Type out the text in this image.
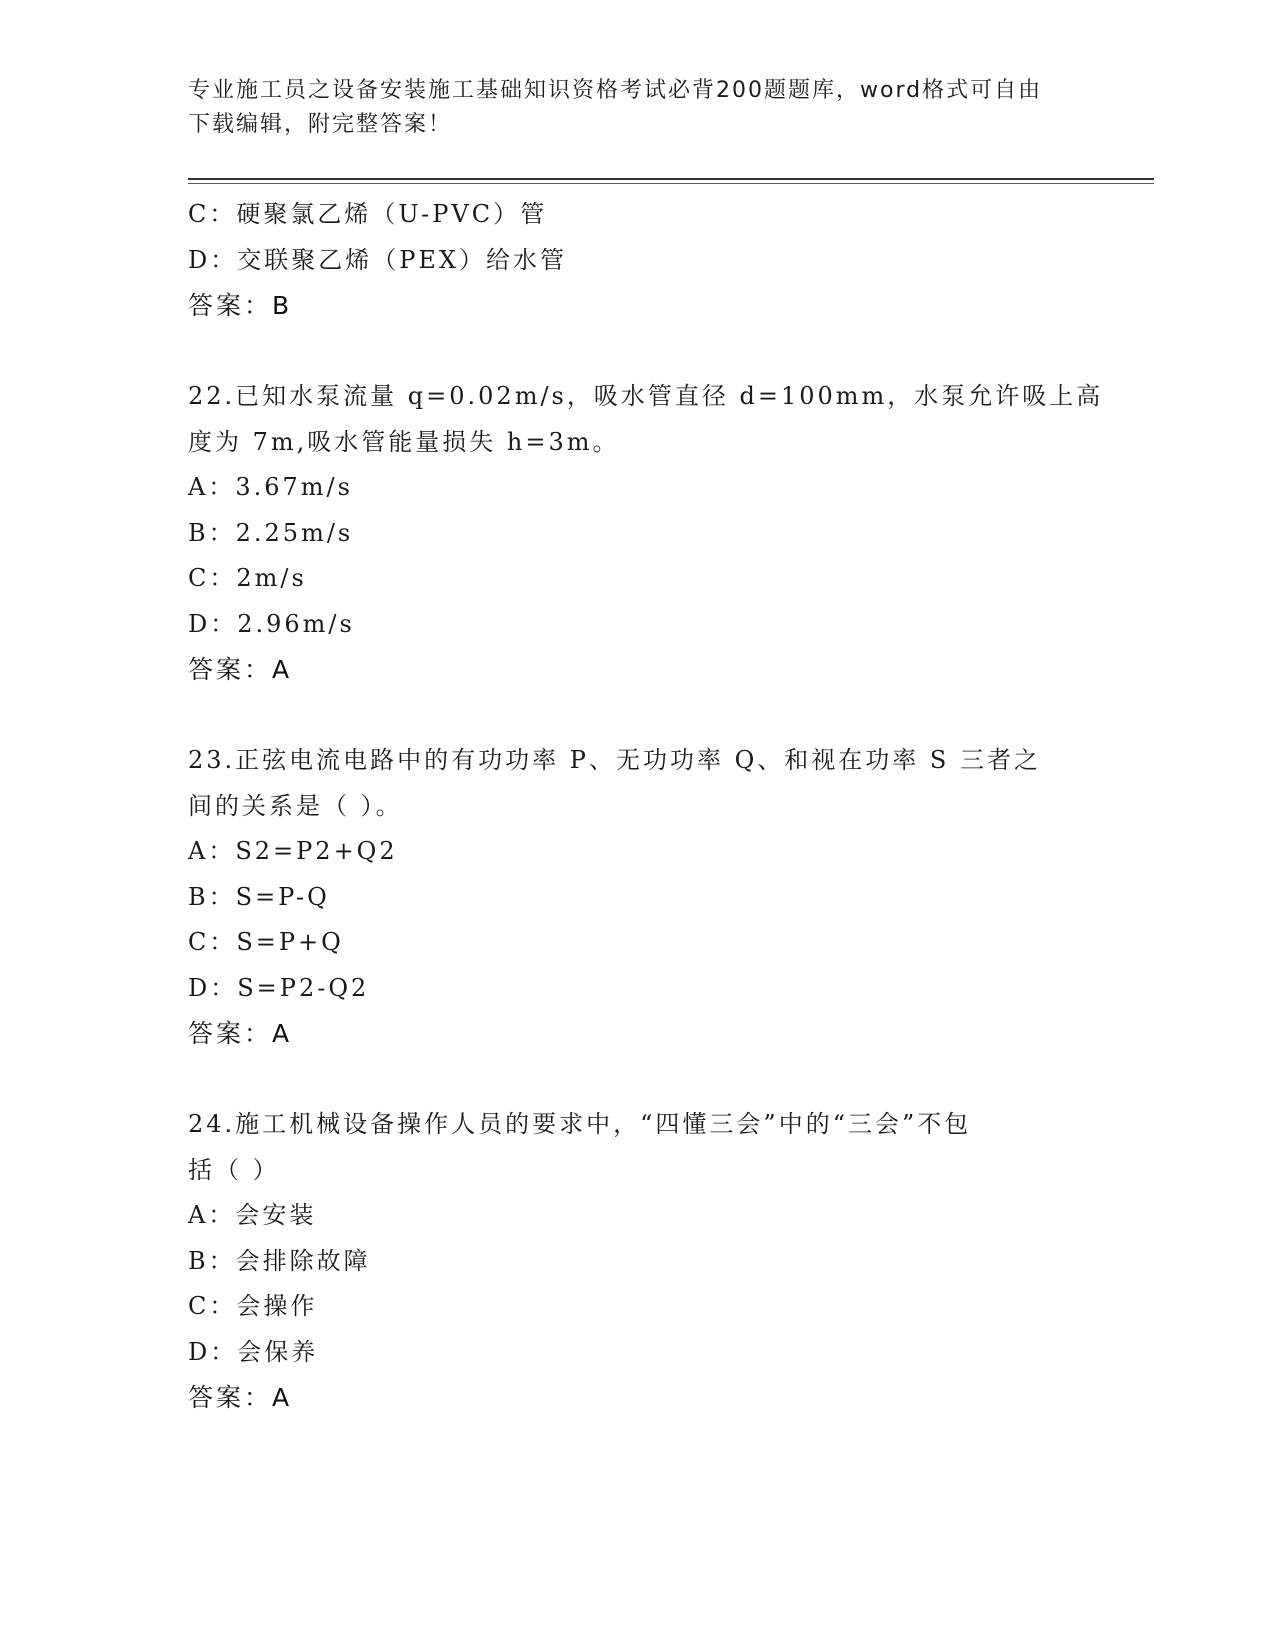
专业施工员之设备安装施工基础知识资格考试必背200题题库，word格式可自由
下载编辑，附完整答案！
C：硬聚氯乙烯（U-PVC）管
D：交联聚乙烯（PEX）给水管
答案：B
22.已知水泵流量 q=0.02m/s，吸水管直径 d=100mm，水泵允许吸上高
度为 7m,吸水管能量损失 h=3m。
A：3.67m/s
B：2.25m/s
C：2m/s
D：2.96m/s
答案：A
23.正弦电流电路中的有功功率 P、无功功率 Q、和视在功率 S 三者之
间的关系是（ ）。
A：S2=P2+Q2
B：S=P-Q
C：S=P+Q
D：S=P2-Q2
答案：A
24.施工机械设备操作人员的要求中，“四懂三会”中的“三会”不包
括（ ）
A：会安装
B：会排除故障
C：会操作
D：会保养
答案：A
